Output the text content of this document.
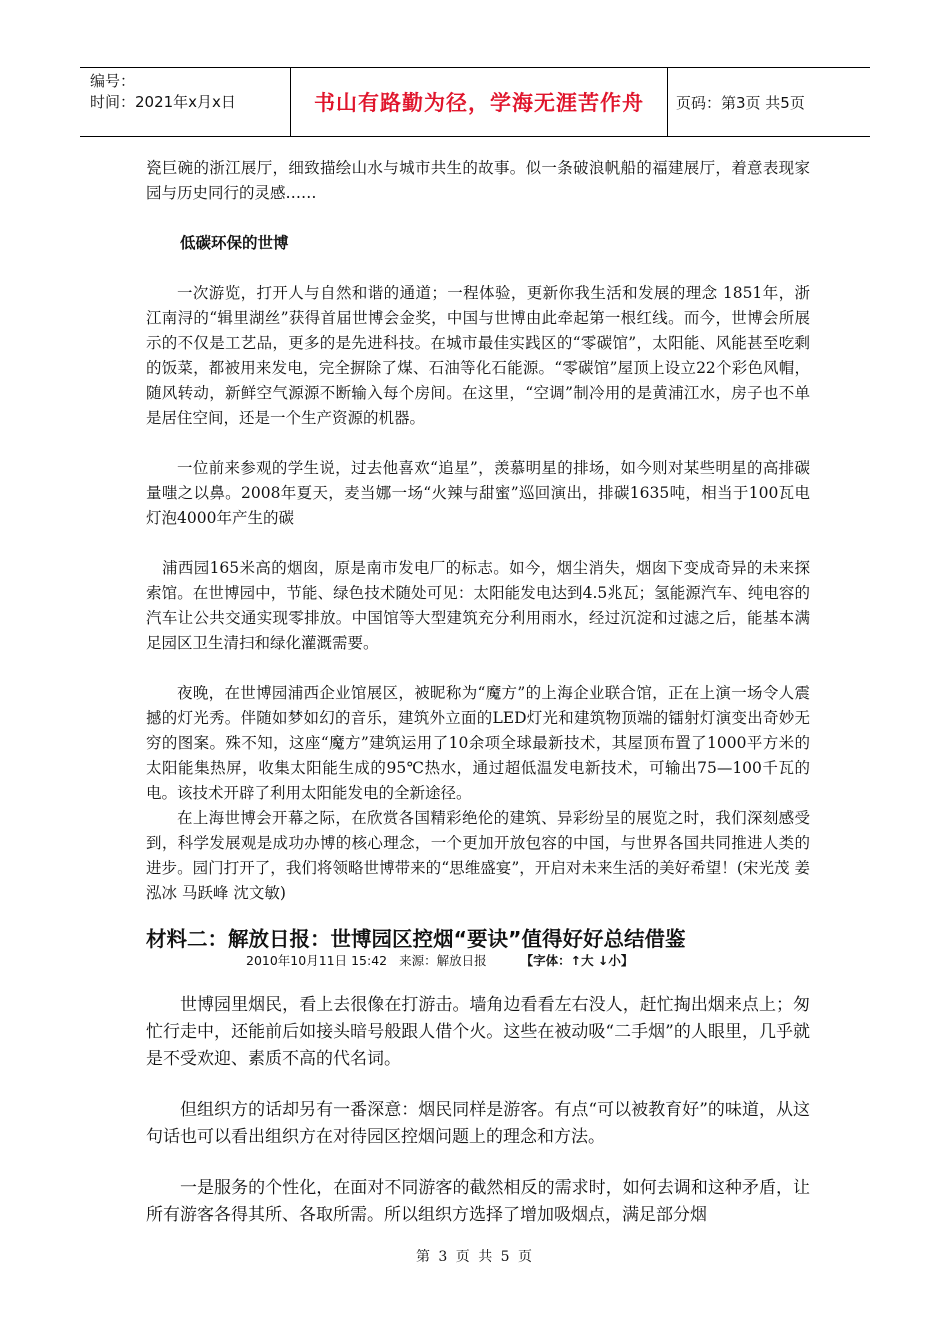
编号：
时间：2021年x月x日	书山有路勤为径，学海无涯苦作舟	页码：第3页 共5页

瓷巨碗的浙江展厅，细致描绘山水与城市共生的故事。似一条破浪帆船的福建展厅，着意表现家园与历史同行的灵感……

低碳环保的世博

一次游览，打开人与自然和谐的通道；一程体验，更新你我生活和发展的理念 1851年，浙江南浔的“辑里湖丝”获得首届世博会金奖，中国与世博由此牵起第一根红线。而今，世博会所展示的不仅是工艺品，更多的是先进科技。在城市最佳实践区的“零碳馆”，太阳能、风能甚至吃剩的饭菜，都被用来发电，完全摒除了煤、石油等化石能源。“零碳馆”屋顶上设立22个彩色风帽，随风转动，新鲜空气源源不断输入每个房间。在这里，“空调”制冷用的是黄浦江水，房子也不单是居住空间，还是一个生产资源的机器。

一位前来参观的学生说，过去他喜欢“追星”，羡慕明星的排场，如今则对某些明星的高排碳量嗤之以鼻。2008年夏天，麦当娜一场“火辣与甜蜜”巡回演出，排碳1635吨，相当于100瓦电灯泡4000年产生的碳

浦西园165米高的烟囱，原是南市发电厂的标志。如今，烟尘消失，烟囱下变成奇异的未来探索馆。在世博园中，节能、绿色技术随处可见：太阳能发电达到4.5兆瓦；氢能源汽车、纯电容的汽车让公共交通实现零排放。中国馆等大型建筑充分利用雨水，经过沉淀和过滤之后，能基本满足园区卫生清扫和绿化灌溉需要。

夜晚，在世博园浦西企业馆展区，被昵称为“魔方”的上海企业联合馆，正在上演一场令人震撼的灯光秀。伴随如梦如幻的音乐，建筑外立面的LED灯光和建筑物顶端的镭射灯演变出奇妙无穷的图案。殊不知，这座“魔方”建筑运用了10余项全球最新技术，其屋顶布置了1000平方米的太阳能集热屏，收集太阳能生成的95℃热水，通过超低温发电新技术，可输出75—100千瓦的电。该技术开辟了利用太阳能发电的全新途径。

在上海世博会开幕之际，在欣赏各国精彩绝伦的建筑、异彩纷呈的展览之时，我们深刻感受到，科学发展观是成功办博的核心理念，一个更加开放包容的中国，与世界各国共同推进人类的进步。园门打开了，我们将领略世博带来的“思维盛宴”，开启对未来生活的美好希望！(宋光茂 姜泓冰 马跃峰 沈文敏)

材料二：解放日报：世博园区控烟“要诀”值得好好总结借鉴
2010年10月11日 15:42 来源：解放日报	【字体：↑大 ↓小】

世博园里烟民，看上去很像在打游击。墙角边看看左右没人，赶忙掏出烟来点上；匆忙行走中，还能前后如接头暗号般跟人借个火。这些在被动吸“二手烟”的人眼里，几乎就是不受欢迎、素质不高的代名词。

但组织方的话却另有一番深意：烟民同样是游客。有点“可以被教育好”的味道，从这句话也可以看出组织方在对待园区控烟问题上的理念和方法。

一是服务的个性化，在面对不同游客的截然相反的需求时，如何去调和这种矛盾，让所有游客各得其所、各取所需。所以组织方选择了增加吸烟点，满足部分烟

第 3 页 共 5 页
